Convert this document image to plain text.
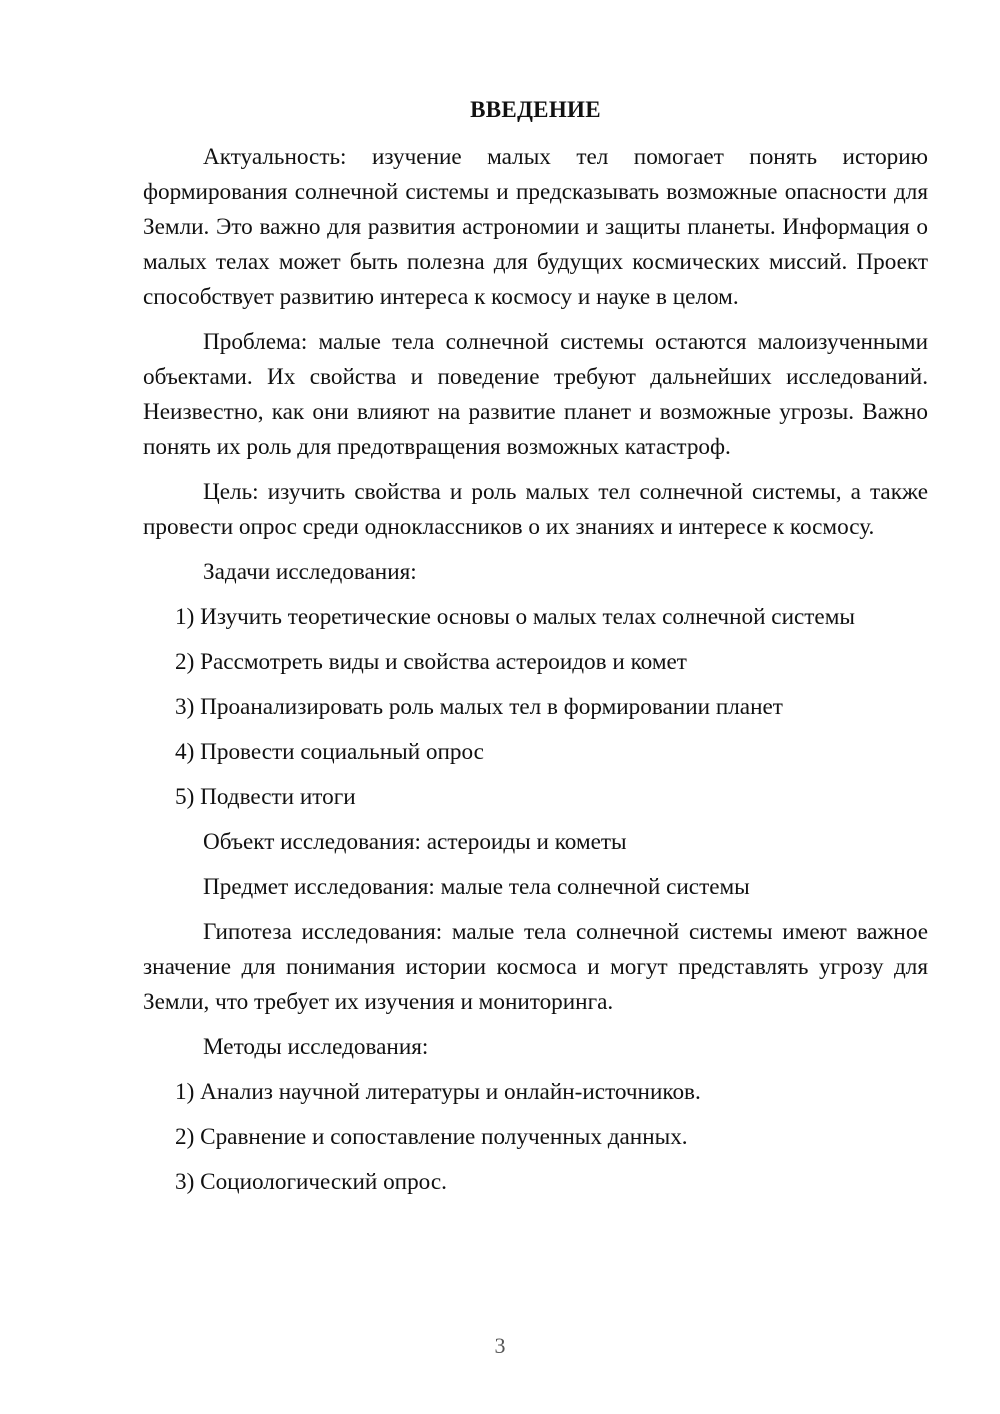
ВВЕДЕНИЕ

Актуальность: изучение малых тел помогает понять историю формирования солнечной системы и предсказывать возможные опасности для Земли. Это важно для развития астрономии и защиты планеты. Информация о малых телах может быть полезна для будущих космических миссий. Проект способствует развитию интереса к космосу и науке в целом.

Проблема: малые тела солнечной системы остаются малоизученными объектами. Их свойства и поведение требуют дальнейших исследований. Неизвестно, как они влияют на развитие планет и возможные угрозы. Важно понять их роль для предотвращения возможных катастроф.

Цель: изучить свойства и роль малых тел солнечной системы, а также провести опрос среди одноклассников о их знаниях и интересе к космосу.

Задачи исследования:
1) Изучить теоретические основы о малых телах солнечной системы
2) Рассмотреть виды и свойства астероидов и комет
3) Проанализировать роль малых тел в формировании планет
4) Провести социальный опрос
5) Подвести итоги
Объект исследования: астероиды и кометы
Предмет исследования: малые тела солнечной системы

Гипотеза исследования: малые тела солнечной системы имеют важное значение для понимания истории космоса и могут представлять угрозу для Земли, что требует их изучения и мониторинга.

Методы исследования:
1) Анализ научной литературы и онлайн-источников.
2) Сравнение и сопоставление полученных данных.
3) Социологический опрос.
3
